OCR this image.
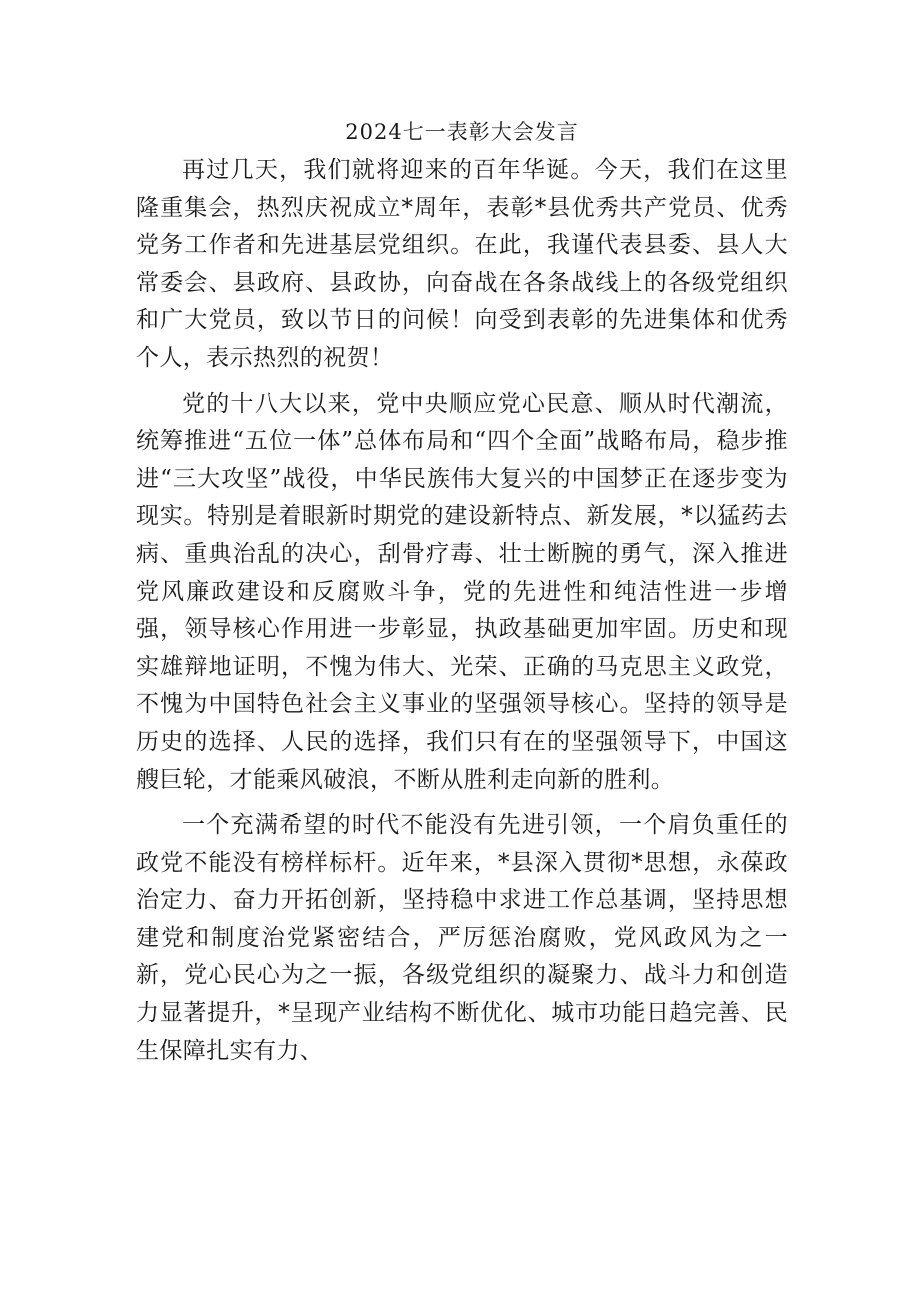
2024七一表彰大会发言

再过几天，我们就将迎来的百年华诞。今天，我们在这里隆重集会，热烈庆祝成立*周年，表彰*县优秀共产党员、优秀党务工作者和先进基层党组织。在此，我谨代表县委、县人大常委会、县政府、县政协，向奋战在各条战线上的各级党组织和广大党员，致以节日的问候！向受到表彰的先进集体和优秀个人，表示热烈的祝贺！

党的十八大以来，党中央顺应党心民意、顺从时代潮流，统筹推进“五位一体”总体布局和“四个全面”战略布局，稳步推进“三大攻坚”战役，中华民族伟大复兴的中国梦正在逐步变为现实。特别是着眼新时期党的建设新特点、新发展，*以猛药去病、重典治乱的决心，刮骨疗毒、壮士断腕的勇气，深入推进党风廉政建设和反腐败斗争，党的先进性和纯洁性进一步增强，领导核心作用进一步彰显，执政基础更加牢固。历史和现实雄辩地证明，不愧为伟大、光荣、正确的马克思主义政党，不愧为中国特色社会主义事业的坚强领导核心。坚持的领导是历史的选择、人民的选择，我们只有在的坚强领导下，中国这艘巨轮，才能乘风破浪，不断从胜利走向新的胜利。

一个充满希望的时代不能没有先进引领，一个肩负重任的政党不能没有榜样标杆。近年来，*县深入贯彻*思想，永葆政治定力、奋力开拓创新，坚持稳中求进工作总基调，坚持思想建党和制度治党紧密结合，严厉惩治腐败，党风政风为之一新，党心民心为之一振，各级党组织的凝聚力、战斗力和创造力显著提升，*呈现产业结构不断优化、城市功能日趋完善、民生保障扎实有力、
